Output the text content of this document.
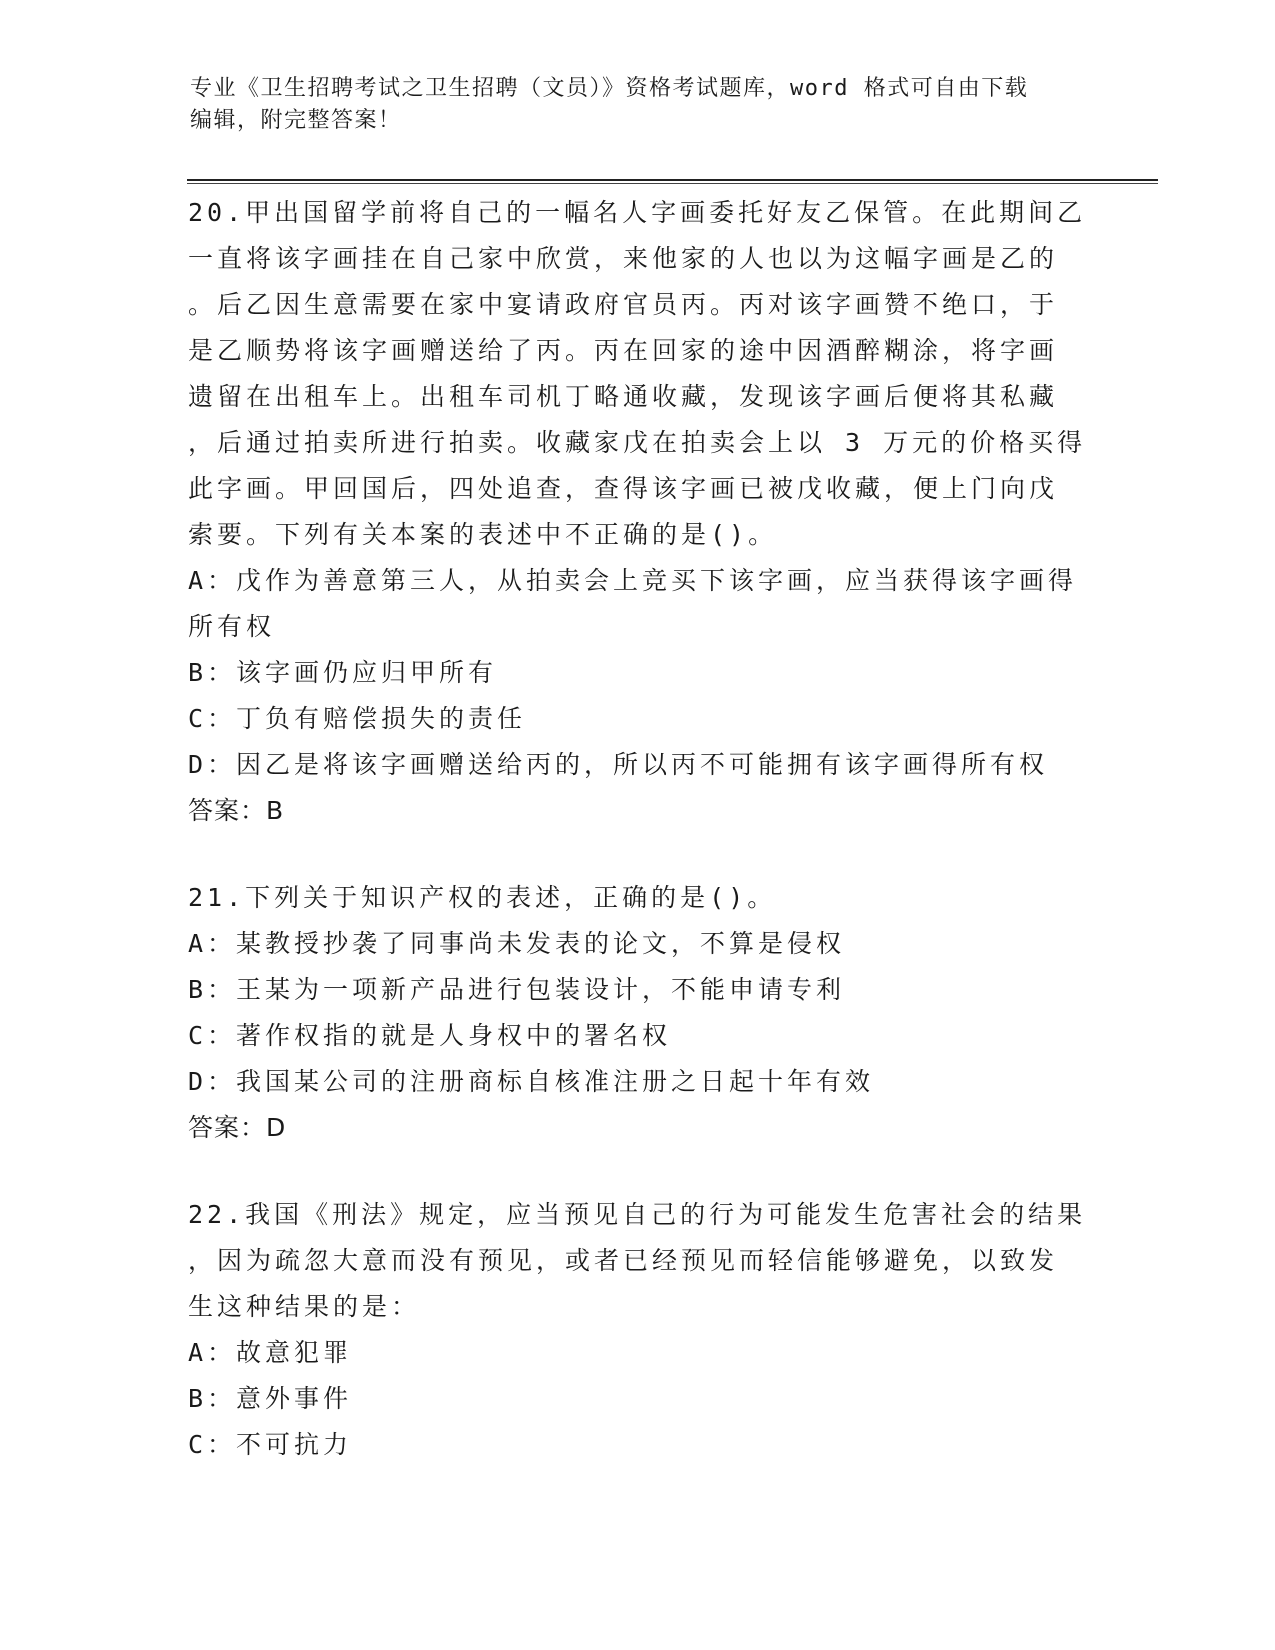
专业《卫生招聘考试之卫生招聘（文员）》资格考试题库，word 格式可自由下载
编辑，附完整答案！

20.甲出国留学前将自己的一幅名人字画委托好友乙保管。在此期间乙

一直将该字画挂在自己家中欣赏，来他家的人也以为这幅字画是乙的

。后乙因生意需要在家中宴请政府官员丙。丙对该字画赞不绝口，于

是乙顺势将该字画赠送给了丙。丙在回家的途中因酒醉糊涂，将字画

遗留在出租车上。出租车司机丁略通收藏，发现该字画后便将其私藏

，后通过拍卖所进行拍卖。收藏家戊在拍卖会上以 3 万元的价格买得

此字画。甲回国后，四处追查，查得该字画已被戊收藏，便上门向戊

索要。下列有关本案的表述中不正确的是()。

A：戊作为善意第三人，从拍卖会上竞买下该字画，应当获得该字画得

所有权

B：该字画仍应归甲所有

C：丁负有赔偿损失的责任

D：因乙是将该字画赠送给丙的，所以丙不可能拥有该字画得所有权

答案：B

21.下列关于知识产权的表述，正确的是()。

A：某教授抄袭了同事尚未发表的论文，不算是侵权

B：王某为一项新产品进行包装设计，不能申请专利

C：著作权指的就是人身权中的署名权

D：我国某公司的注册商标自核准注册之日起十年有效

答案：D

22.我国《刑法》规定，应当预见自己的行为可能发生危害社会的结果

，因为疏忽大意而没有预见，或者已经预见而轻信能够避免，以致发

生这种结果的是：

A：故意犯罪

B：意外事件

C：不可抗力
